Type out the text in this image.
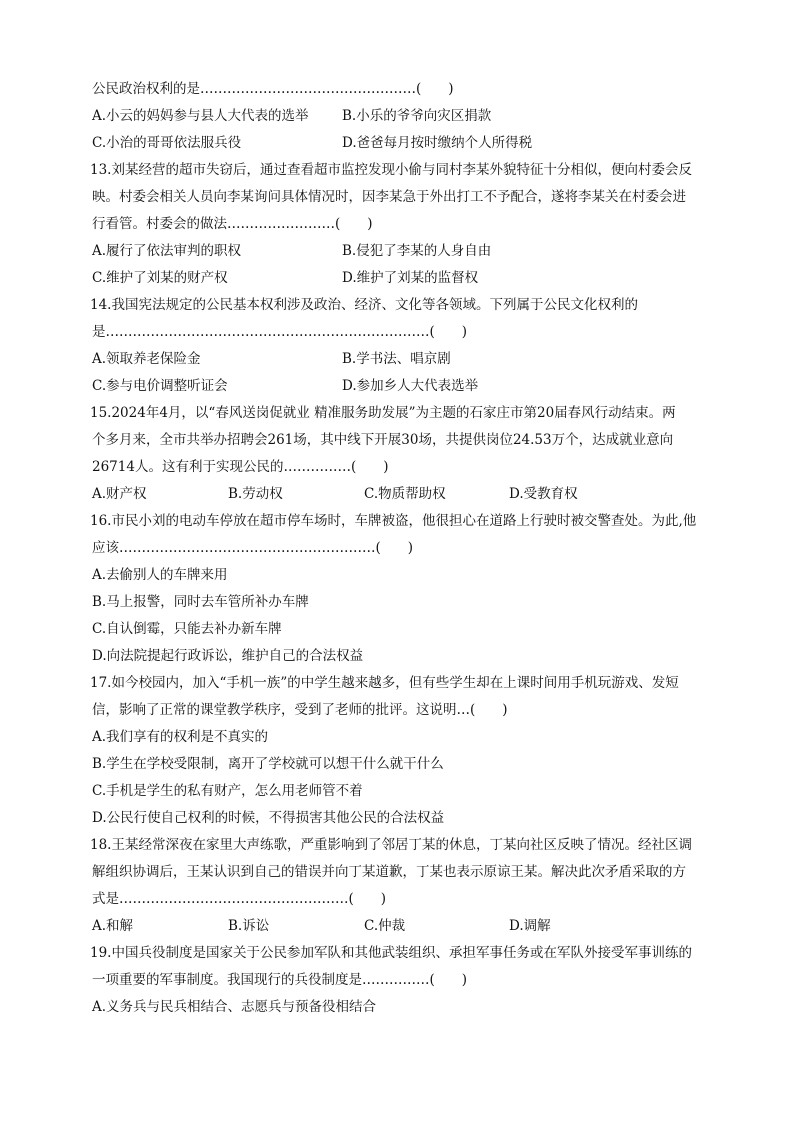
公民政治权利的是…………………………………………(　　)
A.小云的妈妈参与县人大代表的选举 B.小乐的爷爷向灾区捐款
C.小治的哥哥依法服兵役	D.爸爸每月按时缴纳个人所得税
13.刘某经营的超市失窃后，通过查看超市监控发现小偷与同村李某外貌特征十分相似，便向村委会反
映。村委会相关人员向李某询问具体情况时，因李某急于外出打工不予配合，遂将李某关在村委会进
行看管。村委会的做法……………………(　　)
A.履行了依法审判的职权	B.侵犯了李某的人身自由
C.维护了刘某的财产权	D.维护了刘某的监督权
14.我国宪法规定的公民基本权利涉及政治、经济、文化等各领域。下列属于公民文化权利的
是………………………………………………………………(　　)
A.领取养老保险金	B.学书法、唱京剧
C.参与电价调整听证会	D.参加乡人大代表选举
15.2024年4月，以“春风送岗促就业 精准服务助发展”为主题的石家庄市第20届春风行动结束。两
个多月来，全市共举办招聘会261场，其中线下开展30场，共提供岗位24.53万个，达成就业意向
26714人。这有利于实现公民的……………(　　)
A.财产权	B.劳动权	C.物质帮助权	D.受教育权
16.市民小刘的电动车停放在超市停车场时，车牌被盗，他很担心在道路上行驶时被交警查处。为此,他
应该…………………………………………………(　　)
A.去偷别人的车牌来用
B.马上报警，同时去车管所补办车牌
C.自认倒霉，只能去补办新车牌
D.向法院提起行政诉讼，维护自己的合法权益
17.如今校园内，加入“手机一族”的中学生越来越多，但有些学生却在上课时间用手机玩游戏、发短
信，影响了正常的课堂教学秩序，受到了老师的批评。这说明…(　　)
A.我们享有的权利是不真实的
B.学生在学校受限制，离开了学校就可以想干什么就干什么
C.手机是学生的私有财产，怎么用老师管不着
D.公民行使自己权利的时候，不得损害其他公民的合法权益
18.王某经常深夜在家里大声练歌，严重影响到了邻居丁某的休息，丁某向社区反映了情况。经社区调
解组织协调后，王某认识到自己的错误并向丁某道歉，丁某也表示原谅王某。解决此次矛盾采取的方
式是……………………………………………(　　)
A.和解	B.诉讼	C.仲裁	D.调解
19.中国兵役制度是国家关于公民参加军队和其他武装组织、承担军事任务或在军队外接受军事训练的
一项重要的军事制度。我国现行的兵役制度是……………(　　)
A.义务兵与民兵相结合、志愿兵与预备役相结合
